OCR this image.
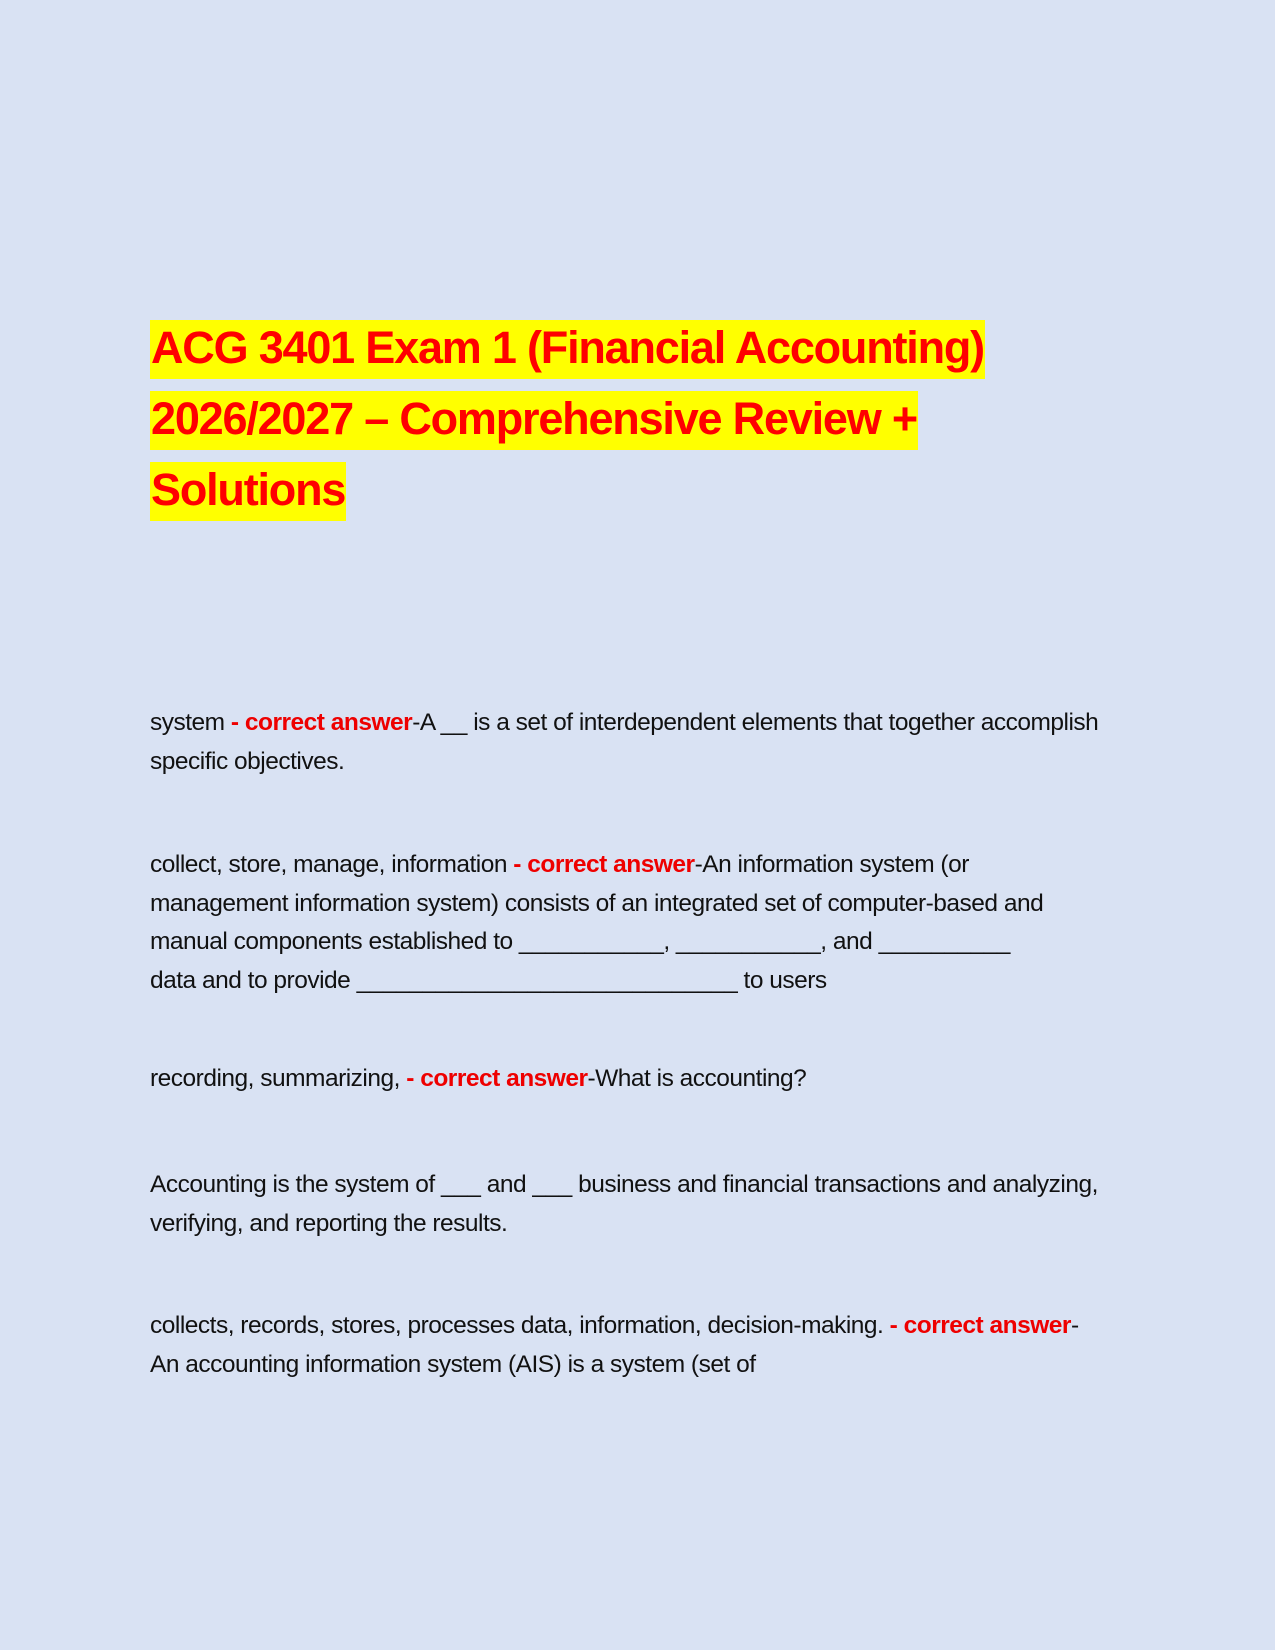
ACG 3401 Exam 1 (Financial Accounting)
2026/2027 – Comprehensive Review +
Solutions

system - correct answer-A __ is a set of interdependent elements that together accomplish specific objectives.

collect, store, manage, information - correct answer-An information system (or management information system) consists of an integrated set of computer-based and manual components established to ___________, ___________, and __________ data and to provide _____________________________ to users

recording, summarizing, - correct answer-What is accounting?

Accounting is the system of ___ and ___ business and financial transactions and analyzing, verifying, and reporting the results.

collects, records, stores, processes data, information, decision-making. - correct answer-An accounting information system (AIS) is a system (set of
